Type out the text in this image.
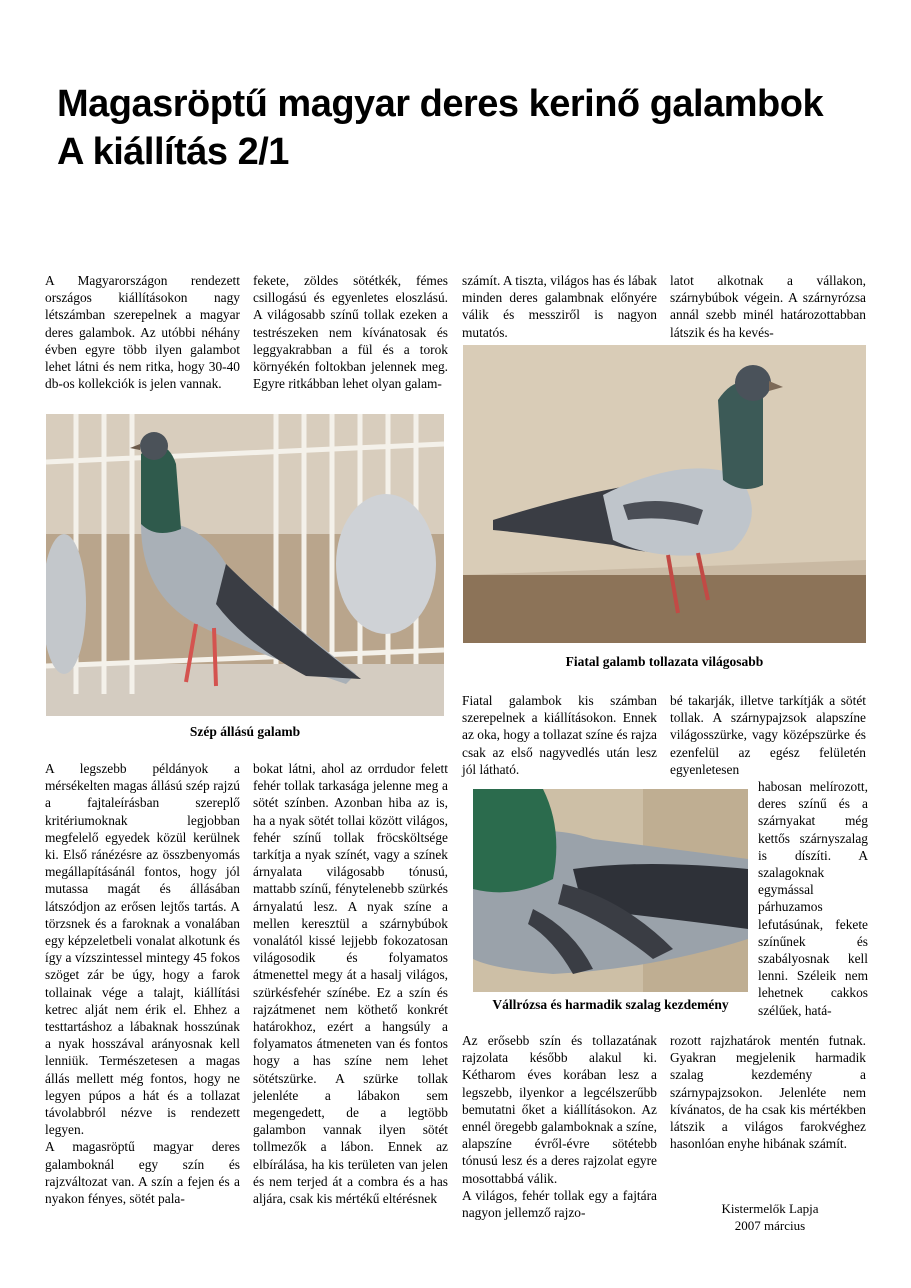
Magasröptű magyar deres kerinő galambok
A kiállítás 2/1

A Magyarországon rendezett országos kiállításokon nagy létszámban szerepelnek a magyar deres galambok. Az utóbbi néhány évben egyre több ilyen galambot lehet látni és nem ritka, hogy 30-40 db-os kollekciók is jelen vannak.

fekete, zöldes sötétkék, fémes csillogású és egyenletes eloszlású. A világosabb színű tollak ezeken a testrészeken nem kívánatosak és leggyakrabban a fül és a torok környékén foltokban jelennek meg. Egyre ritkábban lehet olyan galam-

számít. A tiszta, világos has és lábak minden deres galambnak előnyére válik és messziről is nagyon mutatós.

latot alkotnak a vállakon, szárnybúbok végein. A szárnyrózsa annál szebb minél határozottabban látszik és ha kevés-

Szép állású galamb
Fiatal galamb tollazata világosabb

A legszebb példányok a mérsékelten magas állású szép rajzú a fajtaleírásban szereplő kritériumoknak legjobban megfelelő egyedek közül kerülnek ki. Első ránézésre az összbenyomás megállapításánál fontos, hogy jól mutassa magát és állásában látszódjon az erősen lejtős tartás. A törzsnek és a faroknak a vonalában egy képzeletbeli vonalat alkotunk és így a vízszintessel mintegy 45 fokos szöget zár be úgy, hogy a farok tollainak vége a talajt, kiállítási ketrec alját nem érik el. Ehhez a testtartáshoz a lábaknak hosszúnak a nyak hosszával arányosnak kell lenniük. Természetesen a magas állás mellett még fontos, hogy ne legyen púpos a hát és a tollazat távolabbról nézve is rendezett legyen.

A magasröptű magyar deres galamboknál egy szín és rajzváltozat van. A szín a fejen és a nyakon fényes, sötét pala-

bokat látni, ahol az orrdudor felett fehér tollak tarkasága jelenne meg a sötét színben. Azonban hiba az is, ha a nyak sötét tollai között világos, fehér színű tollak fröcsköltsége tarkítja a nyak színét, vagy a színek árnyalata világosabb tónusú, mattabb színű, fénytelenebb szürkés árnyalatú lesz. A nyak színe a mellen keresztül a szárnybúbok vonalától kissé lejjebb fokozatosan világosodik és folyamatos átmenettel megy át a hasalj világos, szürkésfehér színébe. Ez a szín és rajzátmenet nem köthető konkrét határokhoz, ezért a hangsúly a folyamatos átmeneten van és fontos hogy a has színe nem lehet sötétszürke. A szürke tollak jelenléte a lábakon sem megengedett, de a legtöbb galambon vannak ilyen sötét tollmezők a lábon. Ennek az elbírálása, ha kis területen van jelen és nem terjed át a combra és a has aljára, csak kis mértékű eltérésnek

Fiatal galambok kis számban szerepelnek a kiállításokon. Ennek az oka, hogy a tollazat színe és rajza csak az első nagyvedlés után lesz jól látható.

bé takarják, illetve tarkítják a sötét tollak. A szárnypajzsok alapszíne világosszürke, vagy középszürke és ezenfelül az egész felületén egyenletesen

habosan melírozott, deres színű és a szárnyakat még kettős szárnyszalag is díszíti. A szalagoknak egymással párhuzamos lefutásúnak, fekete színűnek és szabályosnak kell lenni. Széleik nem lehetnek cakkos szélűek, hatá-

Vállrózsa és harmadik szalag kezdemény

Az erősebb szín és tollazatának rajzolata később alakul ki. Kétharom éves korában lesz a legszebb, ilyenkor a legcélszerűbb bemutatni őket a kiállításokon. Az ennél öregebb galamboknak a színe, alapszíne évről-évre sötétebb tónusú lesz és a deres rajzolat egyre mosottabbá válik.

A világos, fehér tollak egy a fajtára nagyon jellemző rajzo-

rozott rajzhatárok mentén futnak. Gyakran megjelenik harmadik szalag kezdemény a szárnypajzsokon. Jelenléte nem kívánatos, de ha csak kis mértékben látszik a világos farokvéghez hasonlóan enyhe hibának számít.

Kistermelők Lapja
2007 március
